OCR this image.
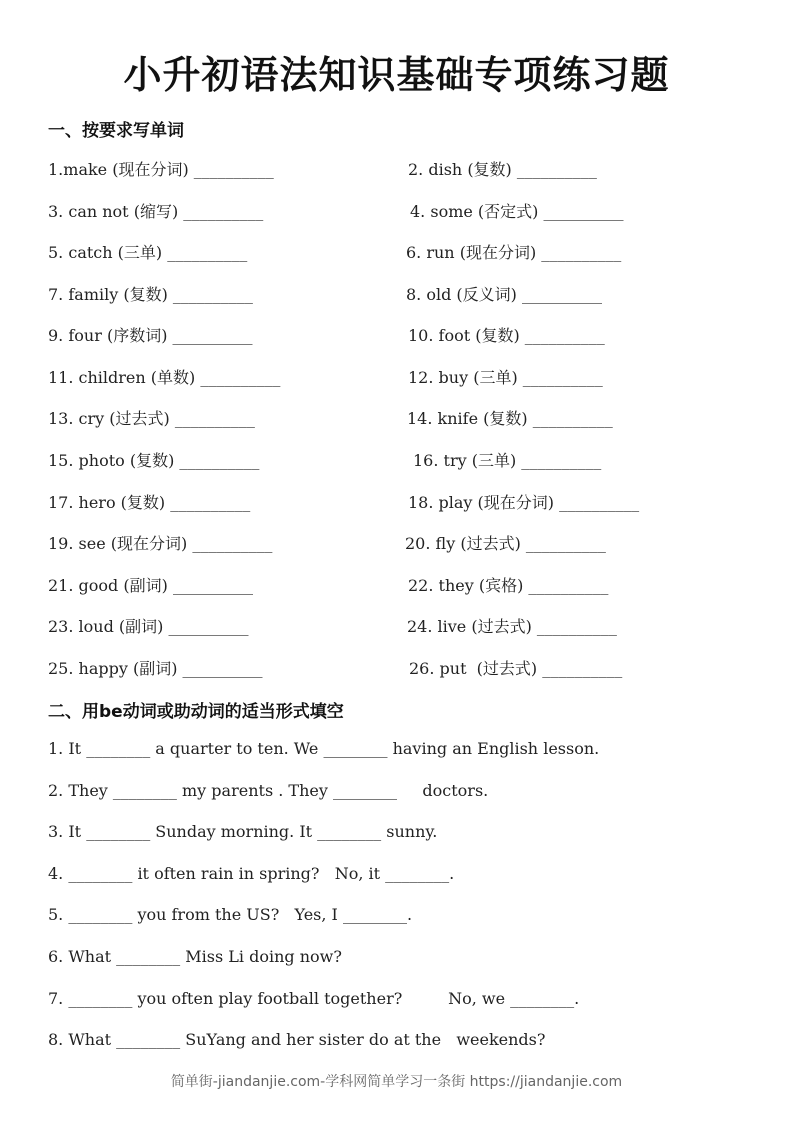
小升初语法知识基础专项练习题
一、按要求写单词
1.make (现在分词) __________	2. dish (复数) __________
3. can not (缩写) __________	4. some (否定式) __________
5. catch (三单) __________	6. run (现在分词) __________
7. family (复数) __________	8. old (反义词) __________
9. four (序数词) __________	10. foot (复数) __________
11. children (单数) __________	12. buy (三单) __________
13. cry (过去式) __________	14. knife (复数) __________
15. photo (复数) __________	16. try (三单) __________
17. hero (复数) __________	18. play (现在分词) __________
19. see (现在分词) __________	20. fly (过去式) __________
21. good (副词) __________	22. they (宾格) __________
23. loud (副词) __________	24. live (过去式) __________
25. happy (副词) __________	26. put  (过去式) __________
二、用be动词或助动词的适当形式填空
1. It ________ a quarter to ten. We ________ having an English lesson.
2. They ________ my parents . They ________     doctors.
3. It ________ Sunday morning. It ________ sunny.
4. ________ it often rain in spring?   No, it ________.
5. ________ you from the US?   Yes, I ________.
6. What ________ Miss Li doing now?
7. ________ you often play football together?         No, we ________.
8. What ________ SuYang and her sister do at the   weekends?
简单街-jiandanjie.com-学科网简单学习一条街 https://jiandanjie.com
